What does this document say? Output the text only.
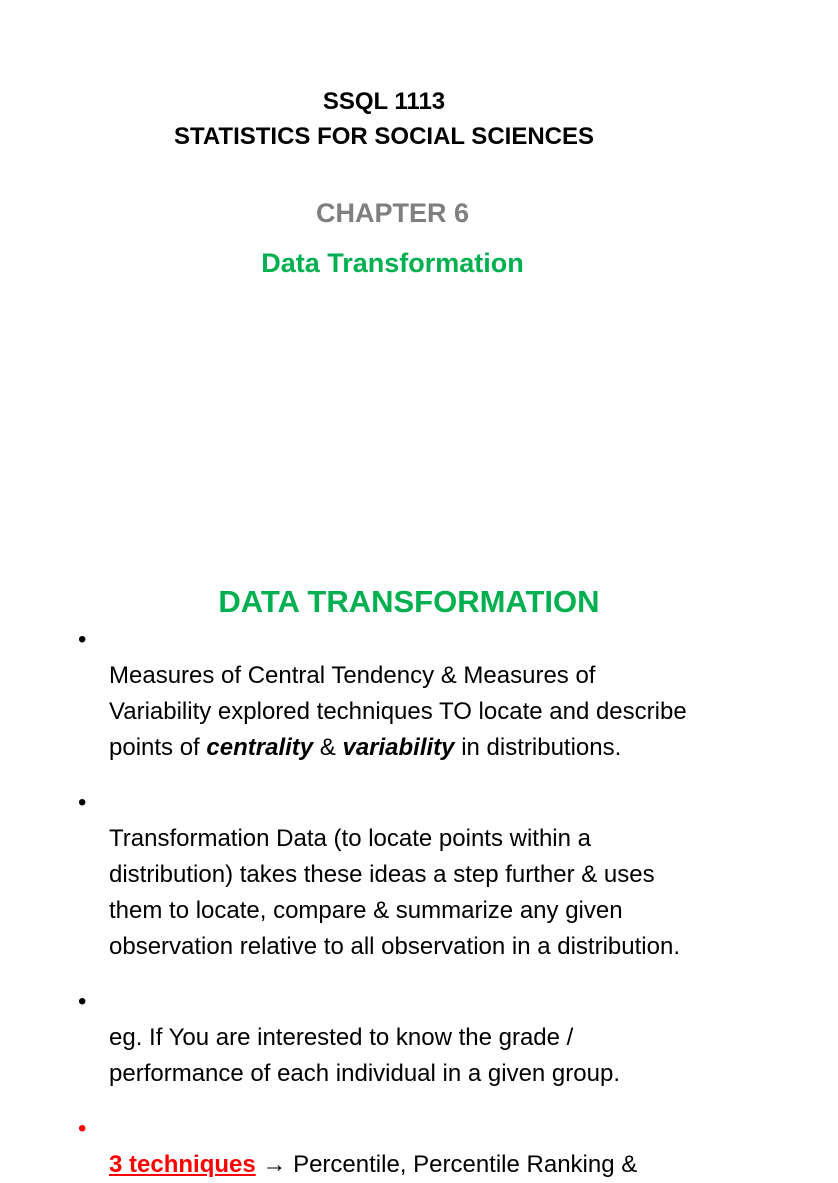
SSQL 1113
STATISTICS FOR SOCIAL SCIENCES
CHAPTER 6
Data Transformation
DATA TRANSFORMATION

•
Measures of Central Tendency & Measures of
Variability explored techniques TO locate and describe
points of centrality & variability in distributions.

•
Transformation Data (to locate points within a
distribution) takes these ideas a step further & uses
them to locate, compare & summarize any given
observation relative to all observation in a distribution.

•
eg. If You are interested to know the grade /
performance of each individual in a given group.

•
3 techniques → Percentile, Percentile Ranking &
